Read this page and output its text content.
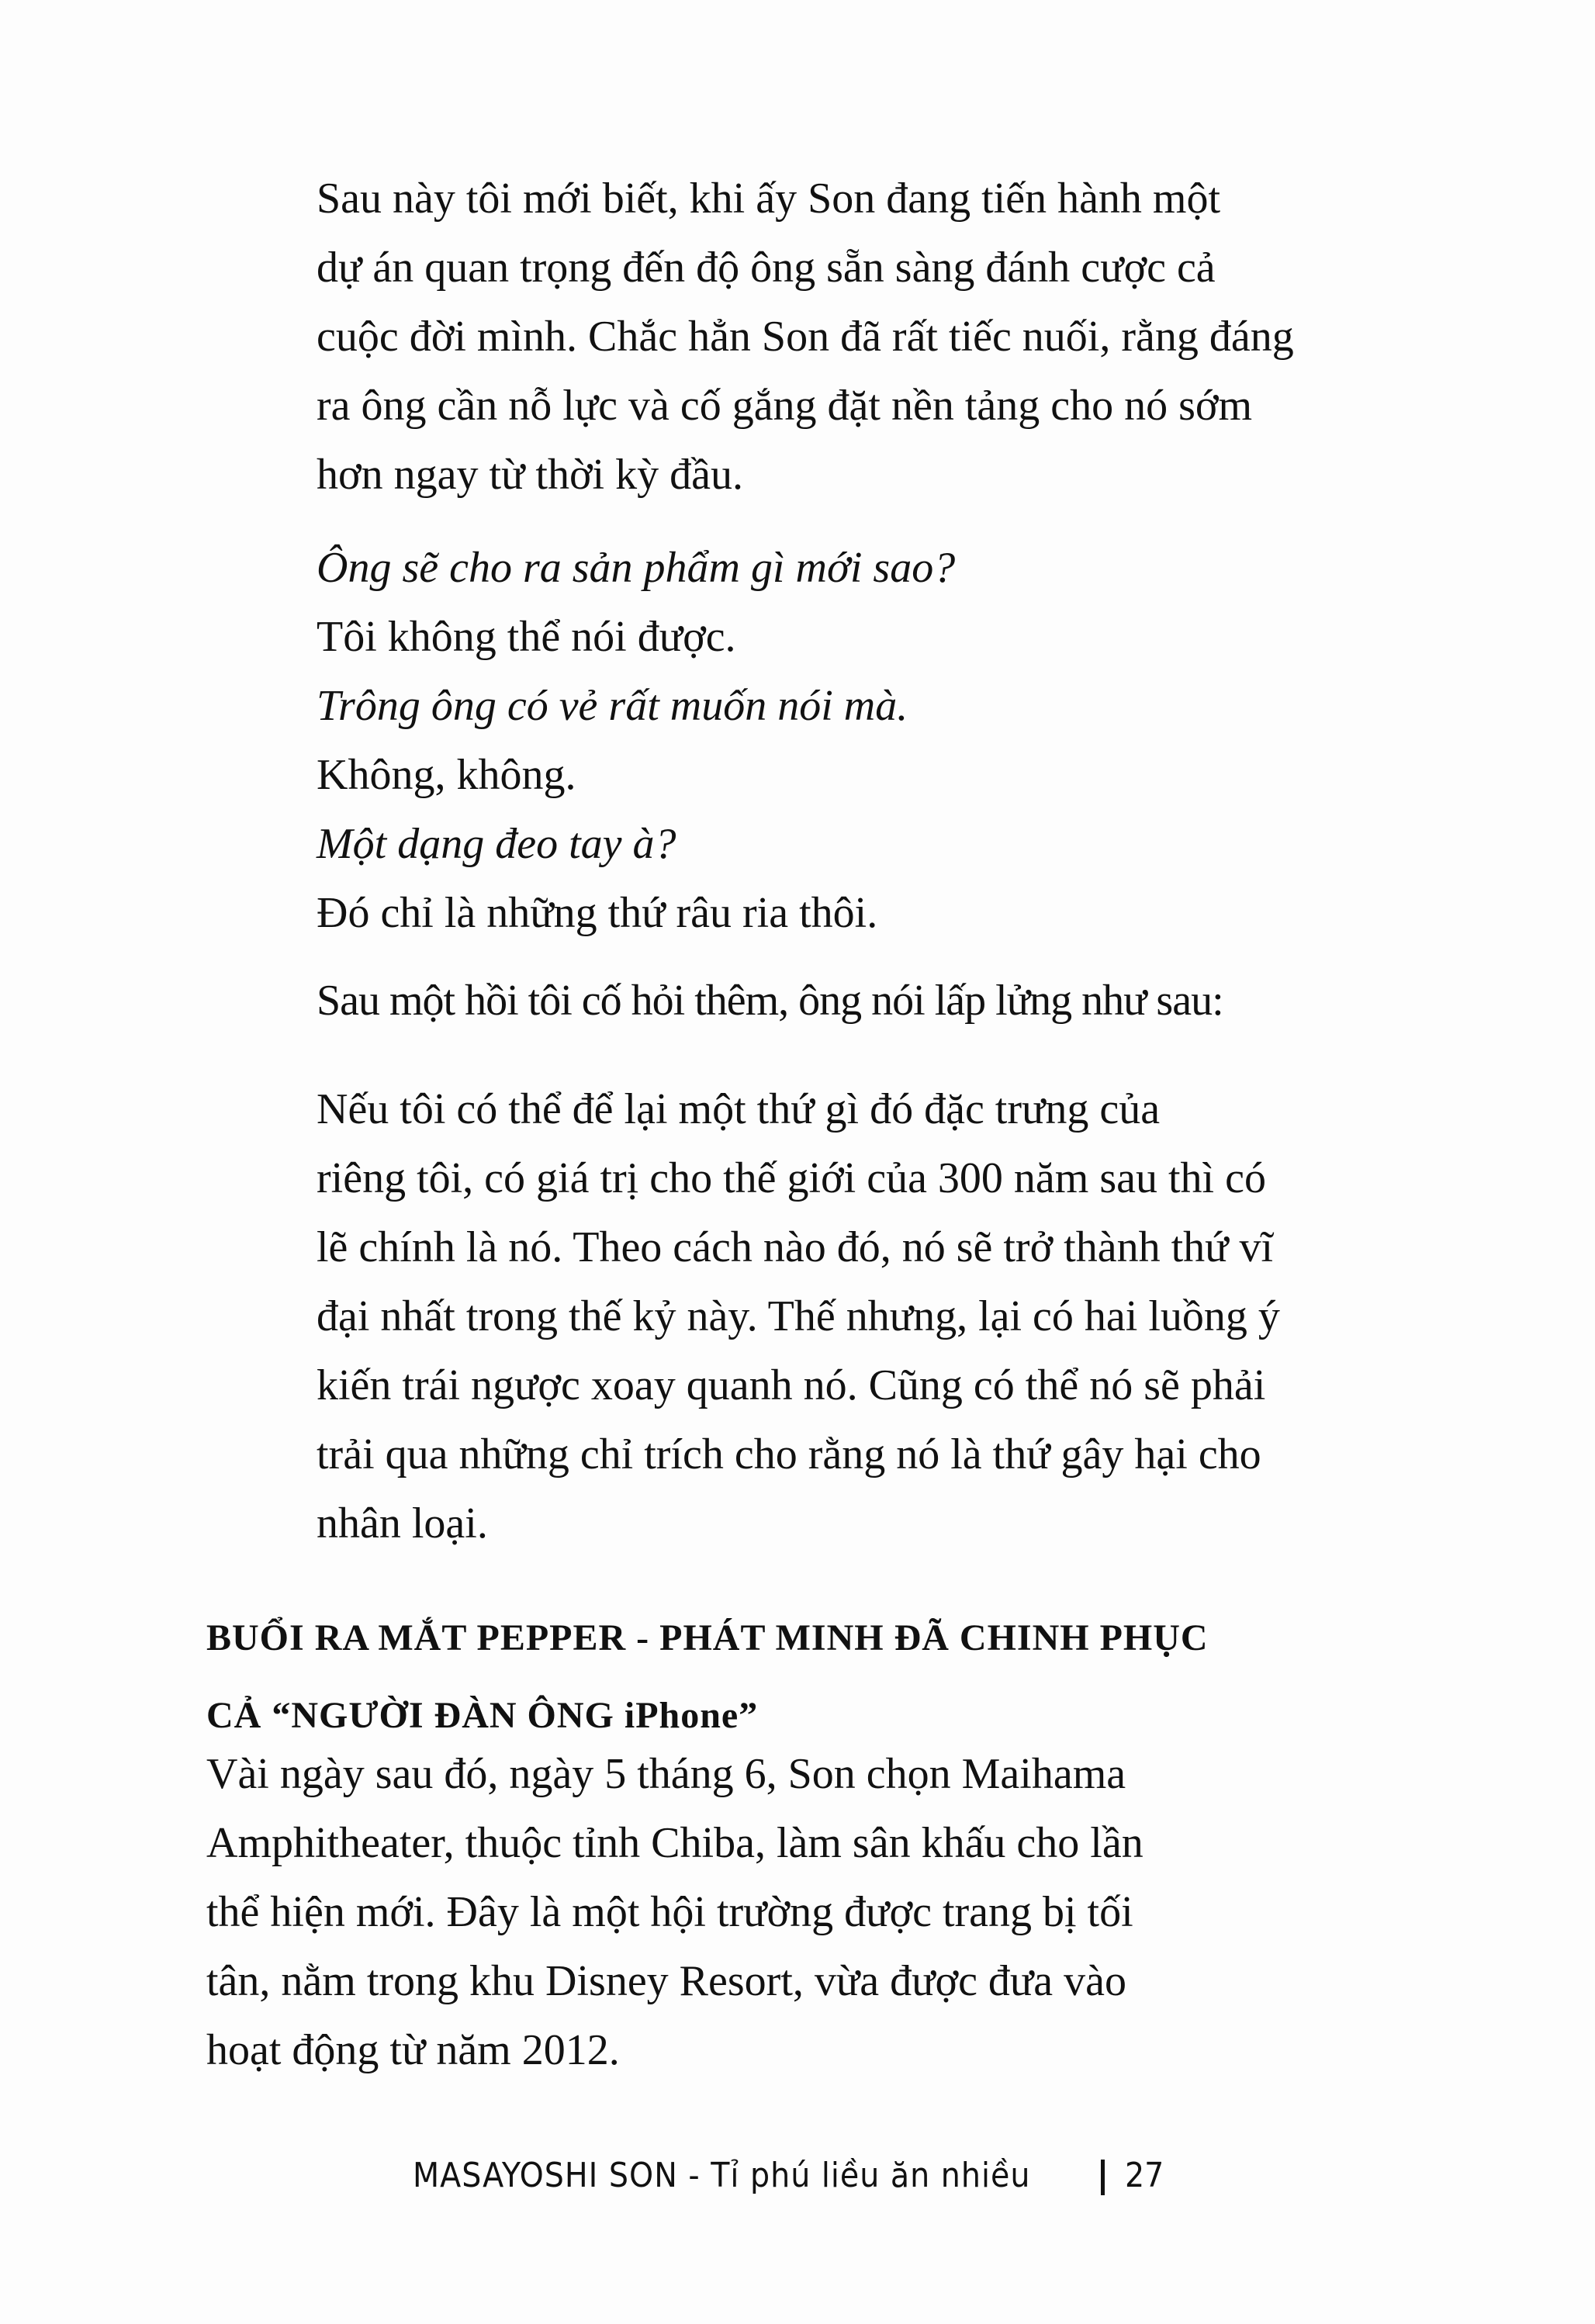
Sau này tôi mới biết, khi ấy Son đang tiến hành một
dự án quan trọng đến độ ông sẵn sàng đánh cược cả
cuộc đời mình. Chắc hẳn Son đã rất tiếc nuối, rằng đáng
ra ông cần nỗ lực và cố gắng đặt nền tảng cho nó sớm
hơn ngay từ thời kỳ đầu.

Ông sẽ cho ra sản phẩm gì mới sao?
Tôi không thể nói được.
Trông ông có vẻ rất muốn nói mà.
Không, không.
Một dạng đeo tay à?
Đó chỉ là những thứ râu ria thôi.

Sau một hồi tôi cố hỏi thêm, ông nói lấp lửng như sau:

Nếu tôi có thể để lại một thứ gì đó đặc trưng của
riêng tôi, có giá trị cho thế giới của 300 năm sau thì có
lẽ chính là nó. Theo cách nào đó, nó sẽ trở thành thứ vĩ
đại nhất trong thế kỷ này. Thế nhưng, lại có hai luồng ý
kiến trái ngược xoay quanh nó. Cũng có thể nó sẽ phải
trải qua những chỉ trích cho rằng nó là thứ gây hại cho
nhân loại.

BUỔI RA MẮT PEPPER - PHÁT MINH ĐÃ CHINH PHỤC
CẢ “NGƯỜI ĐÀN ÔNG iPhone”

Vài ngày sau đó, ngày 5 tháng 6, Son chọn Maihama
Amphitheater, thuộc tỉnh Chiba, làm sân khấu cho lần
thể hiện mới. Đây là một hội trường được trang bị tối
tân, nằm trong khu Disney Resort, vừa được đưa vào
hoạt động từ năm 2012.

MASAYOSHI SON - Tỉ phú liều ăn nhiều	27
